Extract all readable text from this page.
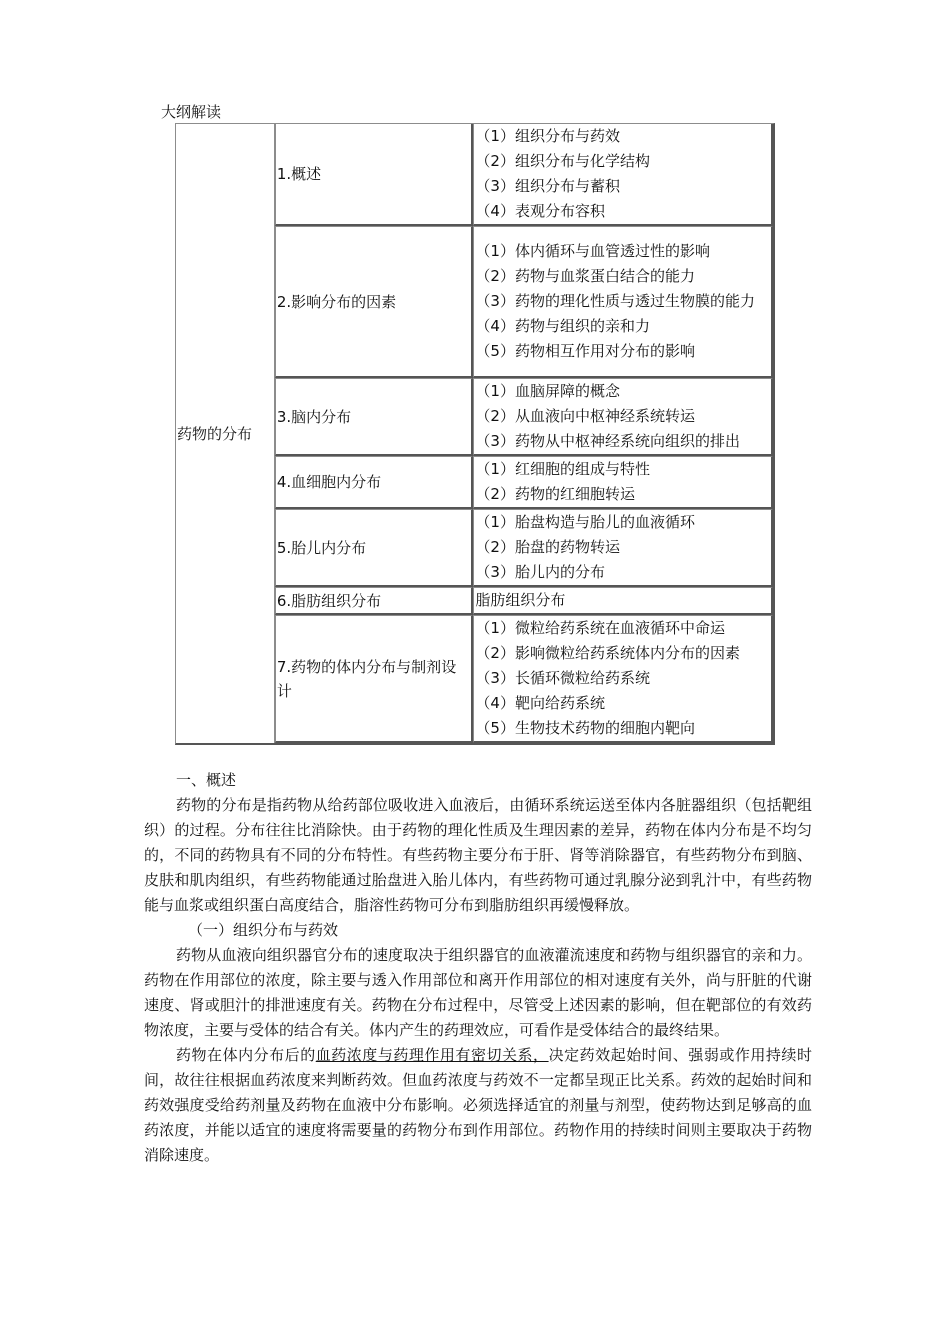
大纲解读
药物的分布	1.概述	（1）组织分布与药效
（2）组织分布与化学结构
（3）组织分布与蓄积
（4）表观分布容积

	2.影响分布的因素	（1）体内循环与血管透过性的影响
（2）药物与血浆蛋白结合的能力
（3）药物的理化性质与透过生物膜的能力
（4）药物与组织的亲和力
（5）药物相互作用对分布的影响

	3.脑内分布	（1）血脑屏障的概念
（2）从血液向中枢神经系统转运
（3）药物从中枢神经系统向组织的排出

	4.血细胞内分布	（1）红细胞的组成与特性
（2）药物的红细胞转运

	5.胎儿内分布	（1）胎盘构造与胎儿的血液循环
（2）胎盘的药物转运
（3）胎儿内的分布

	6.脂肪组织分布	脂肪组织分布

	7.药物的体内分布与制剂设计	（1）微粒给药系统在血液循环中命运
（2）影响微粒给药系统体内分布的因素
（3）长循环微粒给药系统
（4）靶向给药系统
（5）生物技术药物的细胞内靶向

一、概述

药物的分布是指药物从给药部位吸收进入血液后，由循环系统运送至体内各脏器组织（包括靶组织）的过程。分布往往比消除快。由于药物的理化性质及生理因素的差异，药物在体内分布是不均匀的，不同的药物具有不同的分布特性。有些药物主要分布于肝、肾等消除器官，有些药物分布到脑、皮肤和肌肉组织，有些药物能通过胎盘进入胎儿体内，有些药物可通过乳腺分泌到乳汁中，有些药物能与血浆或组织蛋白高度结合，脂溶性药物可分布到脂肪组织再缓慢释放。

（一）组织分布与药效

药物从血液向组织器官分布的速度取决于组织器官的血液灌流速度和药物与组织器官的亲和力。药物在作用部位的浓度，除主要与透入作用部位和离开作用部位的相对速度有关外，尚与肝脏的代谢速度、肾或胆汁的排泄速度有关。药物在分布过程中，尽管受上述因素的影响，但在靶部位的有效药物浓度，主要与受体的结合有关。体内产生的药理效应，可看作是受体结合的最终结果。

药物在体内分布后的血药浓度与药理作用有密切关系，决定药效起始时间、强弱或作用持续时间，故往往根据血药浓度来判断药效。但血药浓度与药效不一定都呈现正比关系。药效的起始时间和药效强度受给药剂量及药物在血液中分布影响。必须选择适宜的剂量与剂型，使药物达到足够高的血药浓度，并能以适宜的速度将需要量的药物分布到作用部位。药物作用的持续时间则主要取决于药物消除速度。
